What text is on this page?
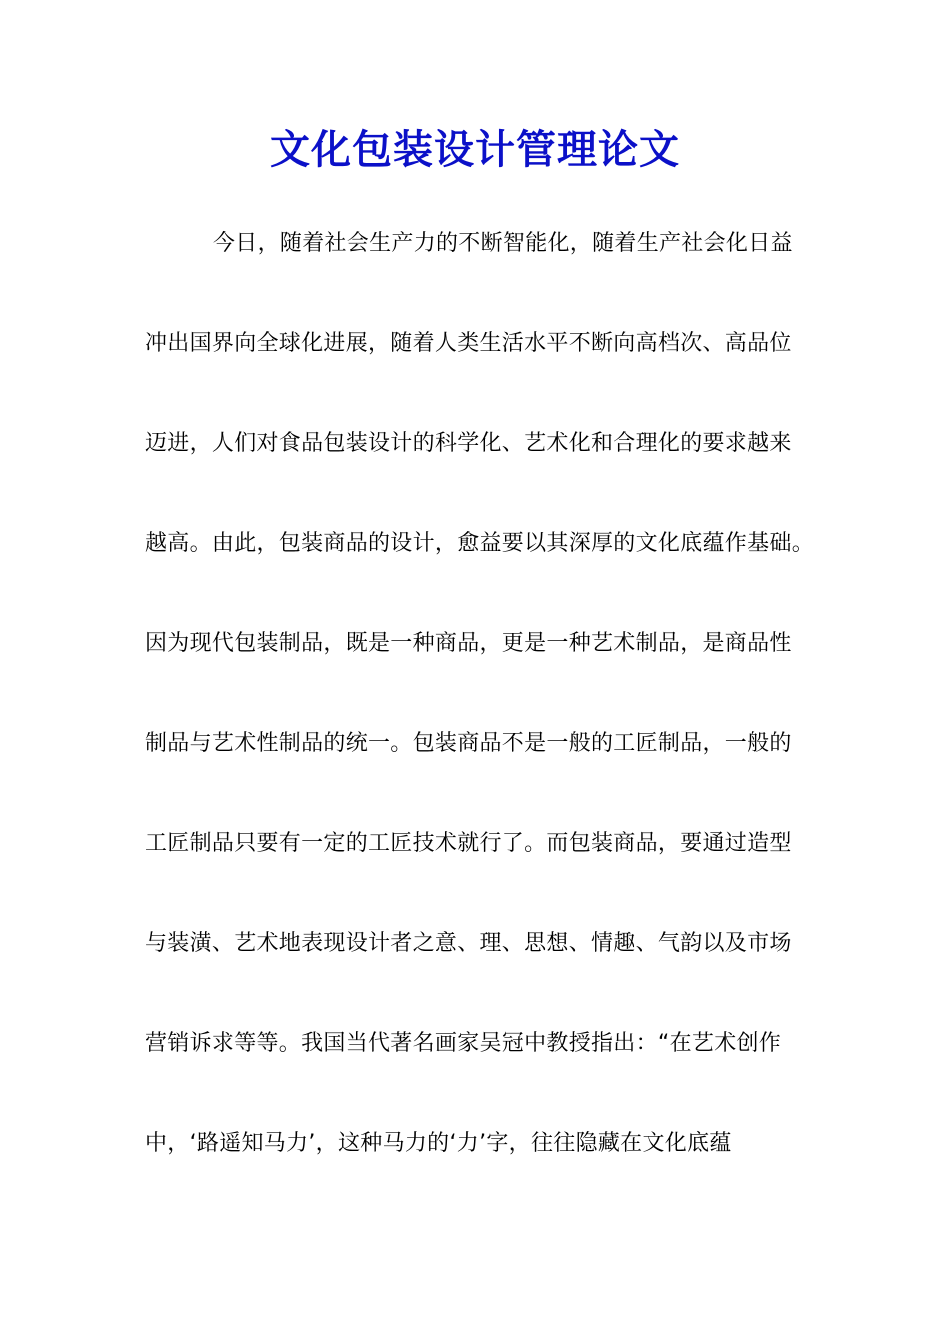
文化包装设计管理论文
今日，随着社会生产力的不断智能化，随着生产社会化日益
冲出国界向全球化进展，随着人类生活水平不断向高档次、高品位
迈进，人们对食品包装设计的科学化、艺术化和合理化的要求越来
越高。由此，包装商品的设计，愈益要以其深厚的文化底蕴作基础。
因为现代包装制品，既是一种商品，更是一种艺术制品，是商品性
制品与艺术性制品的统一。包装商品不是一般的工匠制品，一般的
工匠制品只要有一定的工匠技术就行了。而包装商品，要通过造型
与装潢、艺术地表现设计者之意、理、思想、情趣、气韵以及市场
营销诉求等等。我国当代著名画家吴冠中教授指出：“在艺术创作
中，‘路遥知马力’，这种马力的‘力’字，往往隐藏在文化底蕴
